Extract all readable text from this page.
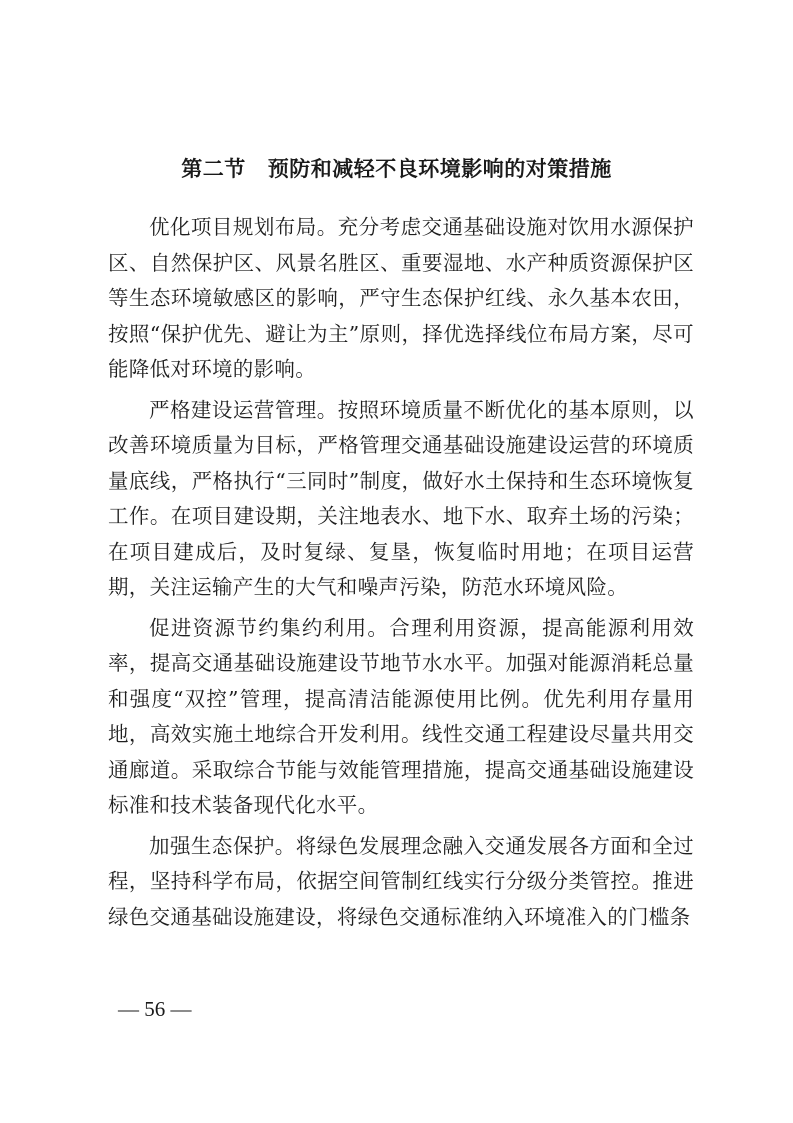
第二节 预防和减轻不良环境影响的对策措施

优化项目规划布局。充分考虑交通基础设施对饮用水源保护区、自然保护区、风景名胜区、重要湿地、水产种质资源保护区等生态环境敏感区的影响，严守生态保护红线、永久基本农田，按照“保护优先、避让为主”原则，择优选择线位布局方案，尽可能降低对环境的影响。

严格建设运营管理。按照环境质量不断优化的基本原则，以改善环境质量为目标，严格管理交通基础设施建设运营的环境质量底线，严格执行“三同时”制度，做好水土保持和生态环境恢复工作。在项目建设期，关注地表水、地下水、取弃土场的污染；在项目建成后，及时复绿、复垦，恢复临时用地；在项目运营期，关注运输产生的大气和噪声污染，防范水环境风险。

促进资源节约集约利用。合理利用资源，提高能源利用效率，提高交通基础设施建设节地节水水平。加强对能源消耗总量和强度“双控”管理，提高清洁能源使用比例。优先利用存量用地，高效实施土地综合开发利用。线性交通工程建设尽量共用交通廊道。采取综合节能与效能管理措施，提高交通基础设施建设标准和技术装备现代化水平。

加强生态保护。将绿色发展理念融入交通发展各方面和全过程，坚持科学布局，依据空间管制红线实行分级分类管控。推进绿色交通基础设施建设，将绿色交通标准纳入环境准入的门槛条

— 56 —
